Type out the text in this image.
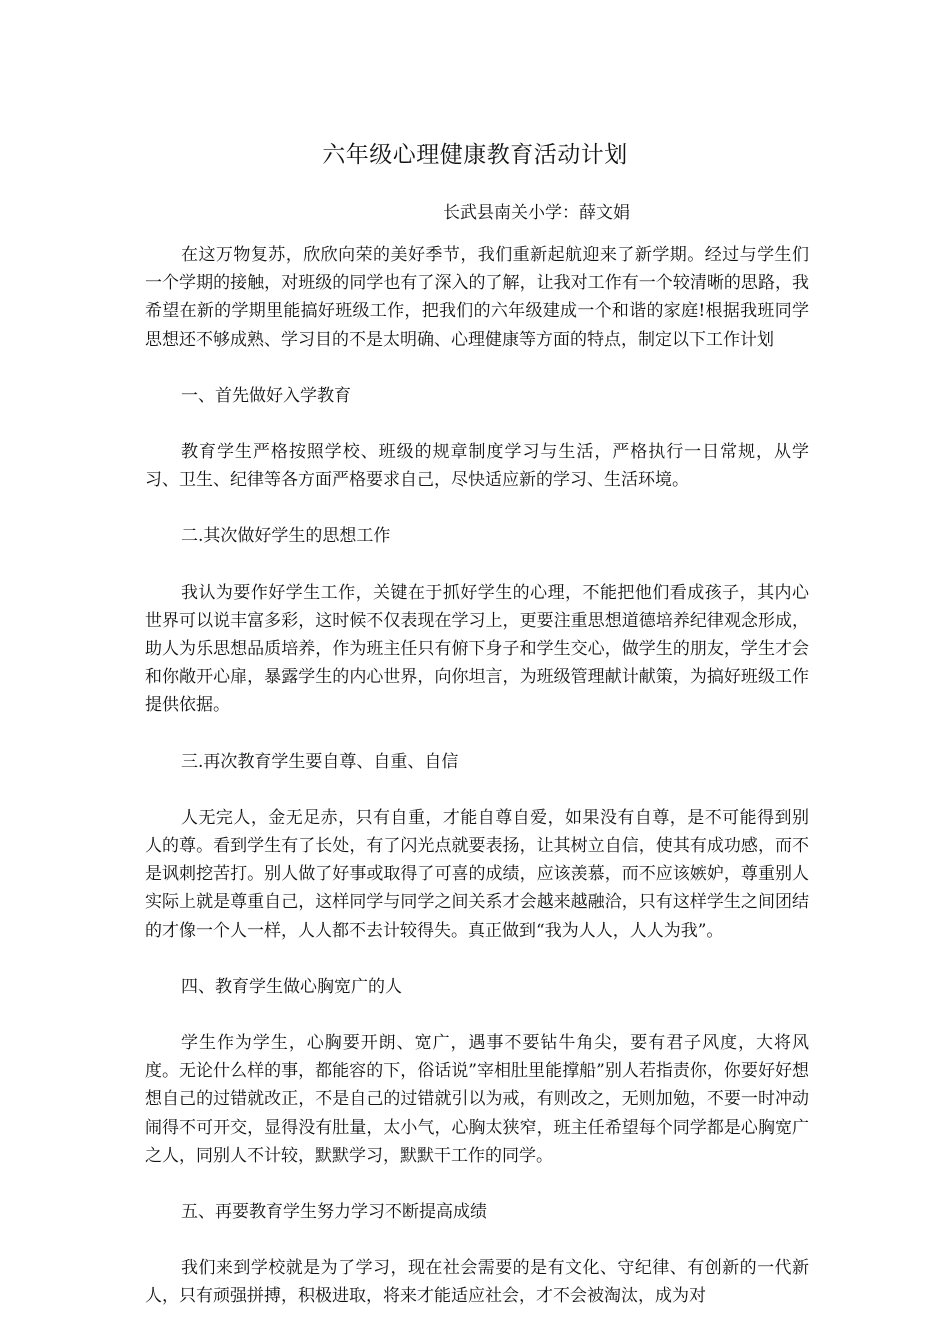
六年级心理健康教育活动计划

长武县南关小学：薛文娟

在这万物复苏，欣欣向荣的美好季节，我们重新起航迎来了新学期。经过与学生们一个学期的接触，对班级的同学也有了深入的了解，让我对工作有一个较清晰的思路，我希望在新的学期里能搞好班级工作，把我们的六年级建成一个和谐的家庭!根据我班同学思想还不够成熟、学习目的不是太明确、心理健康等方面的特点，制定以下工作计划

一、首先做好入学教育

教育学生严格按照学校、班级的规章制度学习与生活，严格执行一日常规，从学习、卫生、纪律等各方面严格要求自己，尽快适应新的学习、生活环境。

二.其次做好学生的思想工作

我认为要作好学生工作，关键在于抓好学生的心理，不能把他们看成孩子，其内心世界可以说丰富多彩，这时候不仅表现在学习上，更要注重思想道德培养纪律观念形成，助人为乐思想品质培养，作为班主任只有俯下身子和学生交心，做学生的朋友，学生才会和你敞开心扉，暴露学生的内心世界，向你坦言，为班级管理献计献策，为搞好班级工作提供依据。

三.再次教育学生要自尊、自重、自信

人无完人，金无足赤，只有自重，才能自尊自爱，如果没有自尊，是不可能得到别人的尊。看到学生有了长处，有了闪光点就要表扬，让其树立自信，使其有成功感，而不是讽刺挖苦打。别人做了好事或取得了可喜的成绩，应该羡慕，而不应该嫉妒，尊重别人实际上就是尊重自己，这样同学与同学之间关系才会越来越融洽，只有这样学生之间团结的才像一个人一样，人人都不去计较得失。真正做到“我为人人，人人为我”。

四、教育学生做心胸宽广的人

学生作为学生，心胸要开朗、宽广，遇事不要钻牛角尖，要有君子风度，大将风度。无论什么样的事，都能容的下，俗话说”宰相肚里能撑船”别人若指责你，你要好好想想自己的过错就改正，不是自己的过错就引以为戒，有则改之，无则加勉，不要一时冲动闹得不可开交，显得没有肚量，太小气，心胸太狭窄，班主任希望每个同学都是心胸宽广之人，同别人不计较，默默学习，默默干工作的同学。

五、再要教育学生努力学习不断提高成绩

我们来到学校就是为了学习，现在社会需要的是有文化、守纪律、有创新的一代新人，只有顽强拼搏，积极进取，将来才能适应社会，才不会被淘汰，成为对
